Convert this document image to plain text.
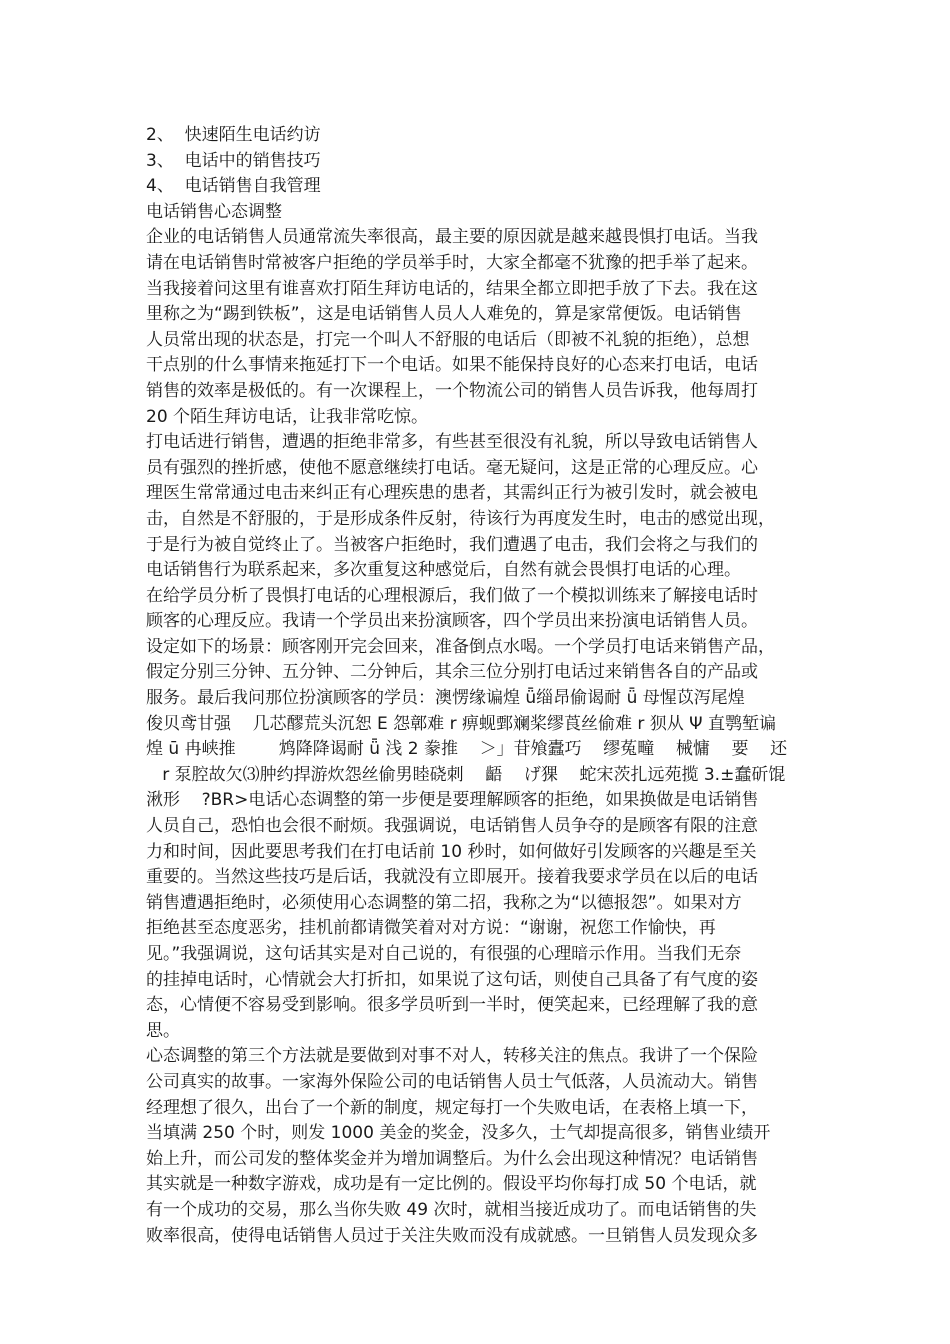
2、  快速陌生电话约访
3、  电话中的销售技巧
4、  电话销售自我管理
电话销售心态调整
企业的电话销售人员通常流失率很高，最主要的原因就是越来越畏惧打电话。当我
请在电话销售时常被客户拒绝的学员举手时，大家全都毫不犹豫的把手举了起来。
当我接着问这里有谁喜欢打陌生拜访电话的，结果全都立即把手放了下去。我在这
里称之为“踢到铁板”，这是电话销售人员人人难免的，算是家常便饭。电话销售
人员常出现的状态是，打完一个叫人不舒服的电话后（即被不礼貌的拒绝），总想
干点别的什么事情来拖延打下一个电话。如果不能保持良好的心态来打电话，电话
销售的效率是极低的。有一次课程上，一个物流公司的销售人员告诉我，他每周打
20 个陌生拜访电话，让我非常吃惊。
打电话进行销售，遭遇的拒绝非常多，有些甚至很没有礼貌，所以导致电话销售人
员有强烈的挫折感，使他不愿意继续打电话。毫无疑问，这是正常的心理反应。心
理医生常常通过电击来纠正有心理疾患的患者，其需纠正行为被引发时，就会被电
击，自然是不舒服的，于是形成条件反射，待该行为再度发生时，电击的感觉出现，
于是行为被自觉终止了。当被客户拒绝时，我们遭遇了电击，我们会将之与我们的
电话销售行为联系起来，多次重复这种感觉后，自然有就会畏惧打电话的心理。
在给学员分析了畏惧打电话的心理根源后，我们做了一个模拟训练来了解接电话时
顾客的心理反应。我请一个学员出来扮演顾客，四个学员出来扮演电话销售人员。
设定如下的场景：顾客刚开完会回来，准备倒点水喝。一个学员打电话来销售产品，
假定分别三分钟、五分钟、二分钟后，其余三位分别打电话过来销售各自的产品或
服务。最后我问那位扮演顾客的学员：澳愣缘谝煌 ǖ缁昂偷谒耐 ǖ 母惺苡泻尾煌
俊贝鸢甘强    几芯醪荒头沉恕 E 怨鄣难 r 痹蚬鄄斓桨缪莨丝偷难 r 狈从 Ψ 直鹗堑谝
煌 ū 冉峡推        鸩降降谒耐 ǖ 浅 2 豢推    ＞」苷飧蠹巧    缪菟疃    械慵    要    还
r 泵腔故欠⑶肿约捍游炊怨丝偷男睦硗刺    齬    げ猓    蛇宋茨扎远苑揽 3.±蠢斫馄
湫形    ?BR>电话心态调整的第一步便是要理解顾客的拒绝，如果换做是电话销售
人员自己，恐怕也会很不耐烦。我强调说，电话销售人员争夺的是顾客有限的注意
力和时间，因此要思考我们在打电话前 10 秒时，如何做好引发顾客的兴趣是至关
重要的。当然这些技巧是后话，我就没有立即展开。接着我要求学员在以后的电话
销售遭遇拒绝时，必须使用心态调整的第二招，我称之为“以德报怨”。如果对方
拒绝甚至态度恶劣，挂机前都请微笑着对对方说：“谢谢，祝您工作愉快，再
见。”我强调说，这句话其实是对自己说的，有很强的心理暗示作用。当我们无奈
的挂掉电话时，心情就会大打折扣，如果说了这句话，则使自己具备了有气度的姿
态，心情便不容易受到影响。很多学员听到一半时，便笑起来，已经理解了我的意
思。
心态调整的第三个方法就是要做到对事不对人，转移关注的焦点。我讲了一个保险
公司真实的故事。一家海外保险公司的电话销售人员士气低落，人员流动大。销售
经理想了很久，出台了一个新的制度，规定每打一个失败电话，在表格上填一下，
当填满 250 个时，则发 1000 美金的奖金，没多久，士气却提高很多，销售业绩开
始上升，而公司发的整体奖金并为增加调整后。为什么会出现这种情况？电话销售
其实就是一种数字游戏，成功是有一定比例的。假设平均你每打成 50 个电话，就
有一个成功的交易，那么当你失败 49 次时，就相当接近成功了。而电话销售的失
败率很高，使得电话销售人员过于关注失败而没有成就感。一旦销售人员发现众多
